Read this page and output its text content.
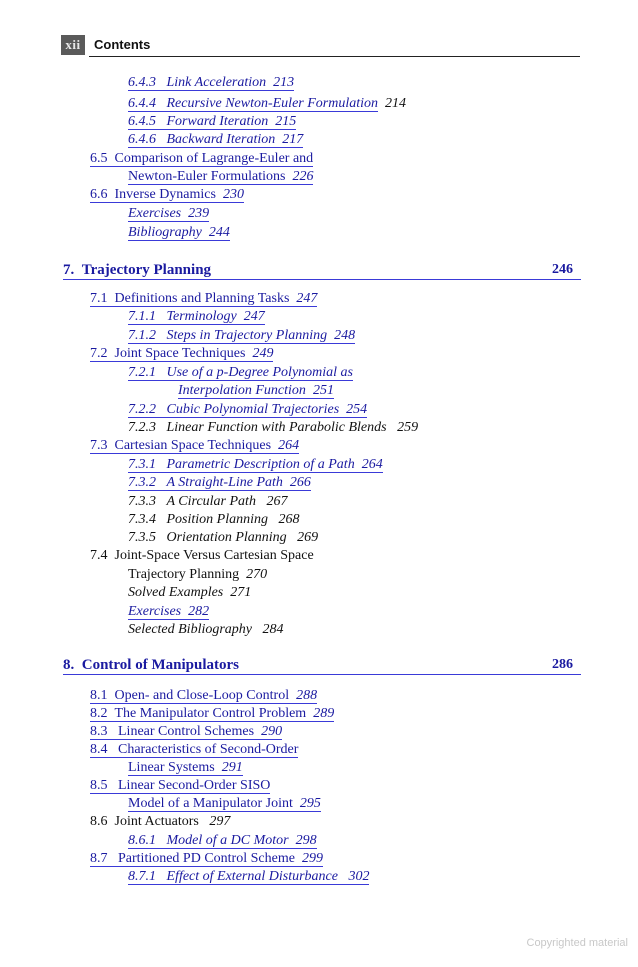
xii	Contents
6.4.3 Link Acceleration 213
6.4.4 Recursive Newton-Euler Formulation 214
6.4.5 Forward Iteration 215
6.4.6 Backward Iteration 217
6.5 Comparison of Lagrange-Euler and
Newton-Euler Formulations 226
6.6 Inverse Dynamics 230
Exercises 239
Bibliography 244
7. Trajectory Planning	246
7.1 Definitions and Planning Tasks 247
7.1.1 Terminology 247
7.1.2 Steps in Trajectory Planning 248
7.2 Joint Space Techniques 249
7.2.1 Use of a p-Degree Polynomial as
Interpolation Function 251
7.2.2 Cubic Polynomial Trajectories 254
7.2.3 Linear Function with Parabolic Blends 259
7.3 Cartesian Space Techniques 264
7.3.1 Parametric Description of a Path 264
7.3.2 A Straight-Line Path 266
7.3.3 A Circular Path 267
7.3.4 Position Planning 268
7.3.5 Orientation Planning 269
7.4 Joint-Space Versus Cartesian Space
Trajectory Planning 270
Solved Examples 271
Exercises 282
Selected Bibliography 284
8. Control of Manipulators	286
8.1 Open- and Close-Loop Control 288
8.2 The Manipulator Control Problem 289
8.3 Linear Control Schemes 290
8.4 Characteristics of Second-Order
Linear Systems 291
8.5 Linear Second-Order SISO
Model of a Manipulator Joint 295
8.6 Joint Actuators 297
8.6.1 Model of a DC Motor 298
8.7 Partitioned PD Control Scheme 299
8.7.1 Effect of External Disturbance 302
Copyrighted material
